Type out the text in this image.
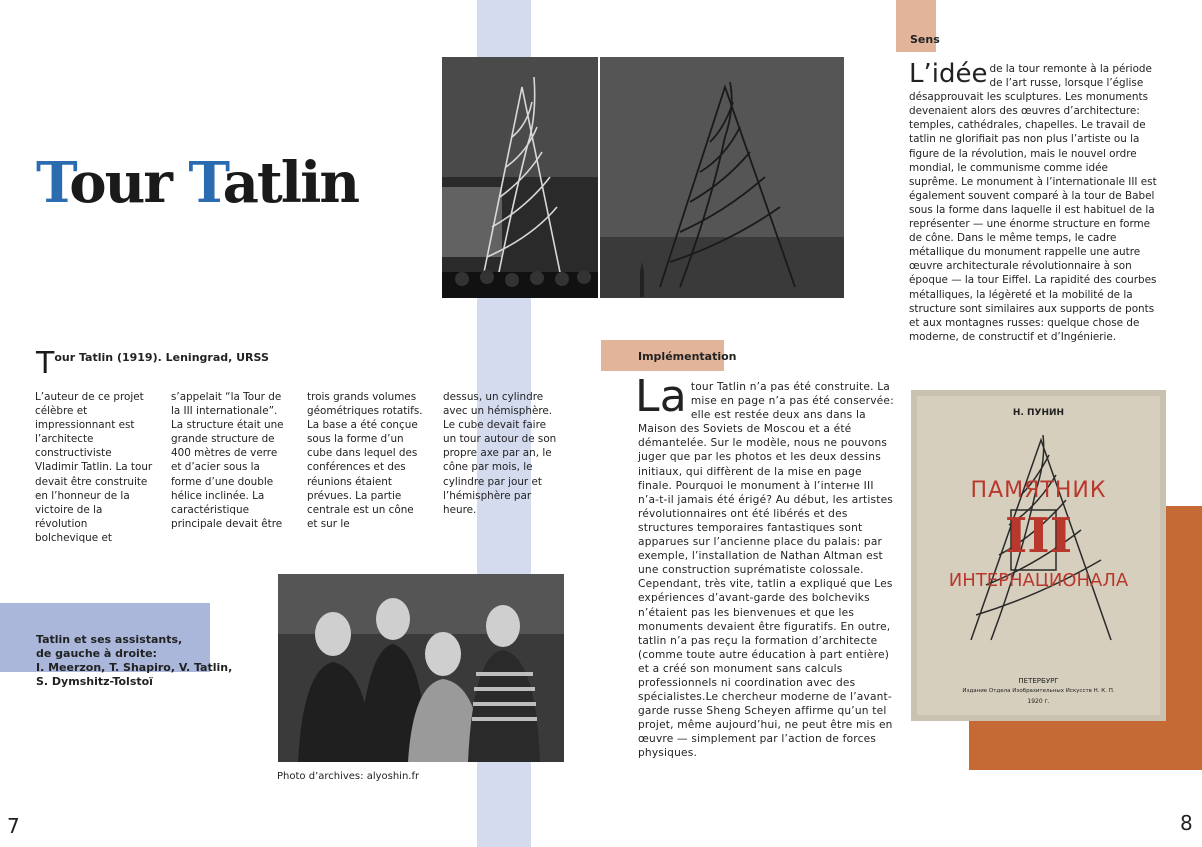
Tour Tatlin
Tour Tatlin (1919). Leningrad, URSS
L’auteur de ce projet célèbre et impressionnant est l’architecte constructiviste Vladimir Tatlin. La tour devait être construite en l’honneur de la victoire de la révolution bolchevique et
s’appelait “la Tour de la III internationale”. La structure était une grande structure de 400 mètres de verre et d’acier sous la forme d’une double hélice inclinée. La caractéristique principale devait être
trois grands volumes géométriques rotatifs. La base a été conçue sous la forme d’un cube dans lequel des conférences et des réunions étaient prévues. La partie centrale est un cône et sur le
dessus, un cylindre avec un hémisphère. Le cube devait faire un tour autour de son propre axe par an, le cône par mois, le cylindre par jour et l’hémisphère par heure.
Tatlin et ses assistants,
de gauche à droite:
I. Meerzon, T. Shapiro, V. Tatlin,
S. Dymshitz-Tolstoï
Photo d’archives: alyoshin.fr
Sens
L’idée de la tour remonte à la période de l’art russe, lorsque l’église désapprouvait les sculptures. Les monuments devenaient alors des œuvres d’architecture: temples, cathédrales, chapelles. Le travail de tatlin ne glorifiait pas non plus l’artiste ou la figure de la révolution, mais le nouvel ordre mondial, le communisme comme idée suprême. Le monument à l’internationale III est également souvent comparé à la tour de Babel sous la forme dans laquelle il est habituel de la représenter — une énorme structure en forme de cône. Dans le même temps, le cadre métallique du monument rappelle une autre œuvre architecturale révolutionnaire à son époque — la tour Eiffel. La rapidité des courbes métalliques, la légèreté et la mobilité de la structure sont similaires aux supports de ponts et aux montagnes russes: quelque chose de moderne, de constructif et d’Ingénierie.
Implémentation
La tour Tatlin n’a pas été construite. La mise en page n’a pas été conservée: elle est restée deux ans dans la Maison des Soviets de Moscou et a été démantelée. Sur le modèle, nous ne pouvons juger que par les photos et les deux dessins initiaux, qui diffèrent de la mise en page finale. Pourquoi le monument à l’interне III n’a-t-il jamais été érigé? Au début, les artistes révolutionnaires ont été libérés et des structures temporaires fantastiques sont apparues sur l’ancienne place du palais: par exemple, l’installation de Nathan Altman est une construction suprématiste colossale. Cependant, très vite, tatlin a expliqué que Les expériences d’avant-garde des bolcheviks n’étaient pas les bienvenues et que les monuments devaient être figuratifs. En outre, tatlin n’a pas reçu la formation d’architecte (comme toute autre éducation à part entière) et a créé son monument sans calculs professionnels ni coordination avec des spécialistes.Le chercheur moderne de l’avant-garde russe Sheng Scheyen affirme qu’un tel projet, même aujourd’hui, ne peut être mis en œuvre — simplement par l’action de forces physiques.
Н. ПУНИН
ПАМЯТНИК
III
ИНТЕРНАЦИОНАЛА
ПЕТЕРБУРГ
Издание Отдела Изобразительных Искусств Н. К. П.
1920 г.
7	8
